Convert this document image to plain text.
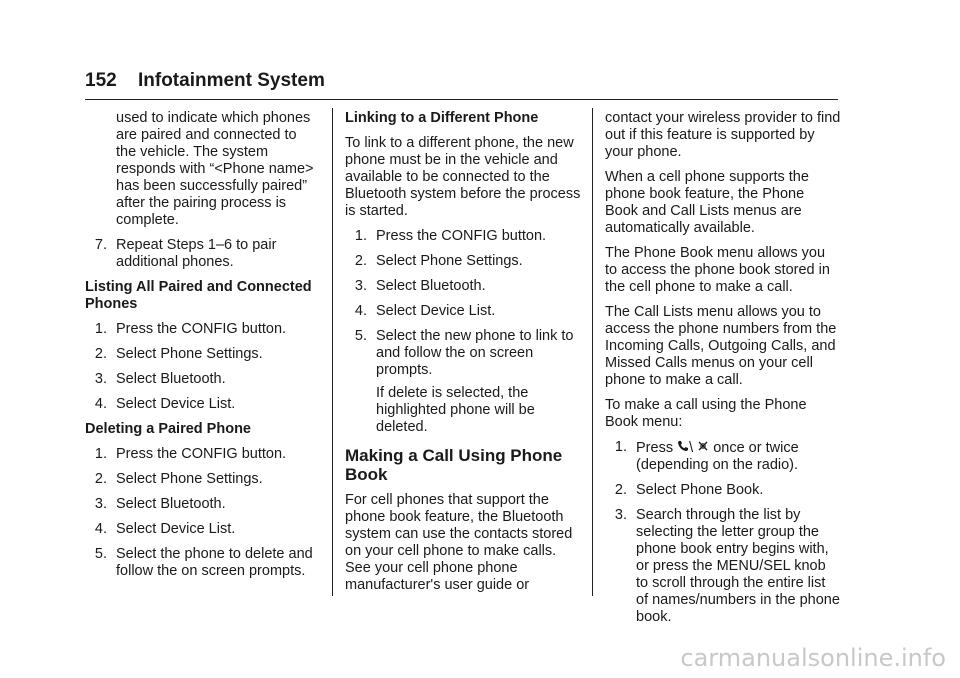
152 Infotainment System

used to indicate which phones are paired and connected to the vehicle. The system responds with “<Phone name> has been successfully paired” after the pairing process is complete.

7. Repeat Steps 1–6 to pair additional phones.
Listing All Paired and Connected Phones
1. Press the CONFIG button.
2. Select Phone Settings.
3. Select Bluetooth.
4. Select Device List.
Deleting a Paired Phone
1. Press the CONFIG button.
2. Select Phone Settings.
3. Select Bluetooth.
4. Select Device List.
5. Select the phone to delete and follow the on screen prompts.
Linking to a Different Phone

To link to a different phone, the new phone must be in the vehicle and available to be connected to the Bluetooth system before the process is started.

1. Press the CONFIG button.
2. Select Phone Settings.
3. Select Bluetooth.
4. Select Device List.
5. Select the new phone to link to and follow the on screen prompts.
If delete is selected, the highlighted phone will be deleted.
Making a Call Using Phone Book

For cell phones that support the phone book feature, the Bluetooth system can use the contacts stored on your cell phone to make calls. See your cell phone phone manufacturer's user guide or

contact your wireless provider to find out if this feature is supported by your phone.

When a cell phone supports the phone book feature, the Phone Book and Call Lists menus are automatically available.

The Phone Book menu allows you to access the phone book stored in the cell phone to make a call.

The Call Lists menu allows you to access the phone numbers from the Incoming Calls, Outgoing Calls, and Missed Calls menus on your cell phone to make a call.

To make a call using the Phone Book menu:

1. Press \ once or twice (depending on the radio).
2. Select Phone Book.
3. Search through the list by selecting the letter group the phone book entry begins with, or press the MENU/SEL knob to scroll through the entire list of names/numbers in the phone book.
carmanualsonline.info
